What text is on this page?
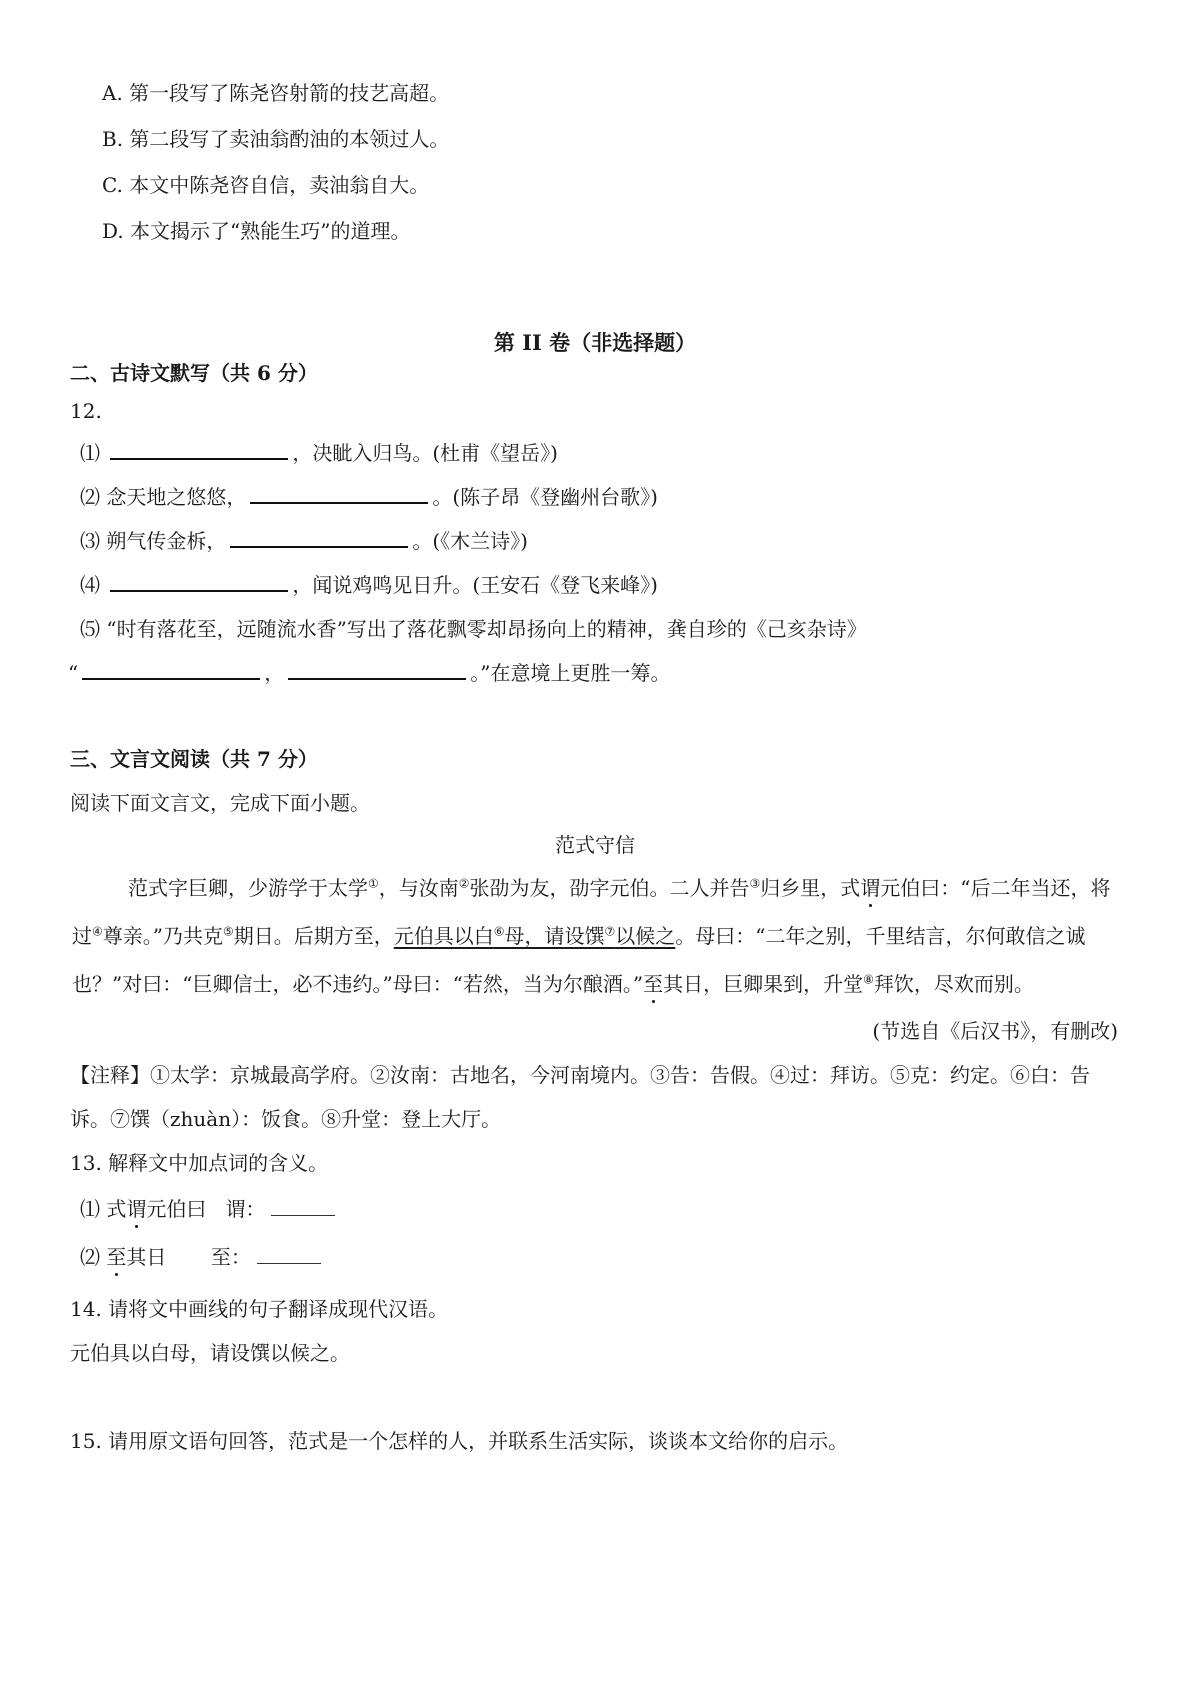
A. 第一段写了陈尧咨射箭的技艺高超。
B. 第二段写了卖油翁酌油的本领过人。
C. 本文中陈尧咨自信，卖油翁自大。
D. 本文揭示了“熟能生巧”的道理。
第 II 卷（非选择题）
二、古诗文默写（共 6 分）
12.
⑴	，决眦入归鸟。(杜甫《望岳》)
⑵ 念天地之悠悠，	。(陈子昂《登幽州台歌》)
⑶ 朔气传金柝，	。(《木兰诗》)
⑷	，闻说鸡鸣见日升。(王安石《登飞来峰》)
⑸ “时有落花至，远随流水香”写出了落花飘零却昂扬向上的精神，龚自珍的《己亥杂诗》
“	，	。”在意境上更胜一筹。
三、文言文阅读（共 7 分）
阅读下面文言文，完成下面小题。
范式守信
范式字巨卿，少游学于太学①，与汝南②张劭为友，劭字元伯。二人并告③归乡里，式谓元伯曰：“后二年当还，将过④尊亲。”乃共克⑤期日。后期方至，元伯具以白⑥母，请设馔⑦以候之。母曰：“二年之别，千里结言，尔何敢信之诚也？”对曰：“巨卿信士，必不违约。”母曰：“若然，当为尔酿酒。”至其日，巨卿果到，升堂⑧拜饮，尽欢而别。
(节选自《后汉书》，有删改)
【注释】①太学：京城最高学府。②汝南：古地名，今河南境内。③告：告假。④过：拜访。⑤克：约定。⑥白：告
诉。⑦馔（zhuàn）：饭食。⑧升堂：登上大厅。
13. 解释文中加点词的含义。
⑴ 式谓元伯曰 谓：
⑵ 至其日 至：
14. 请将文中画线的句子翻译成现代汉语。
元伯具以白母，请设馔以候之。
15. 请用原文语句回答，范式是一个怎样的人，并联系生活实际，谈谈本文给你的启示。
